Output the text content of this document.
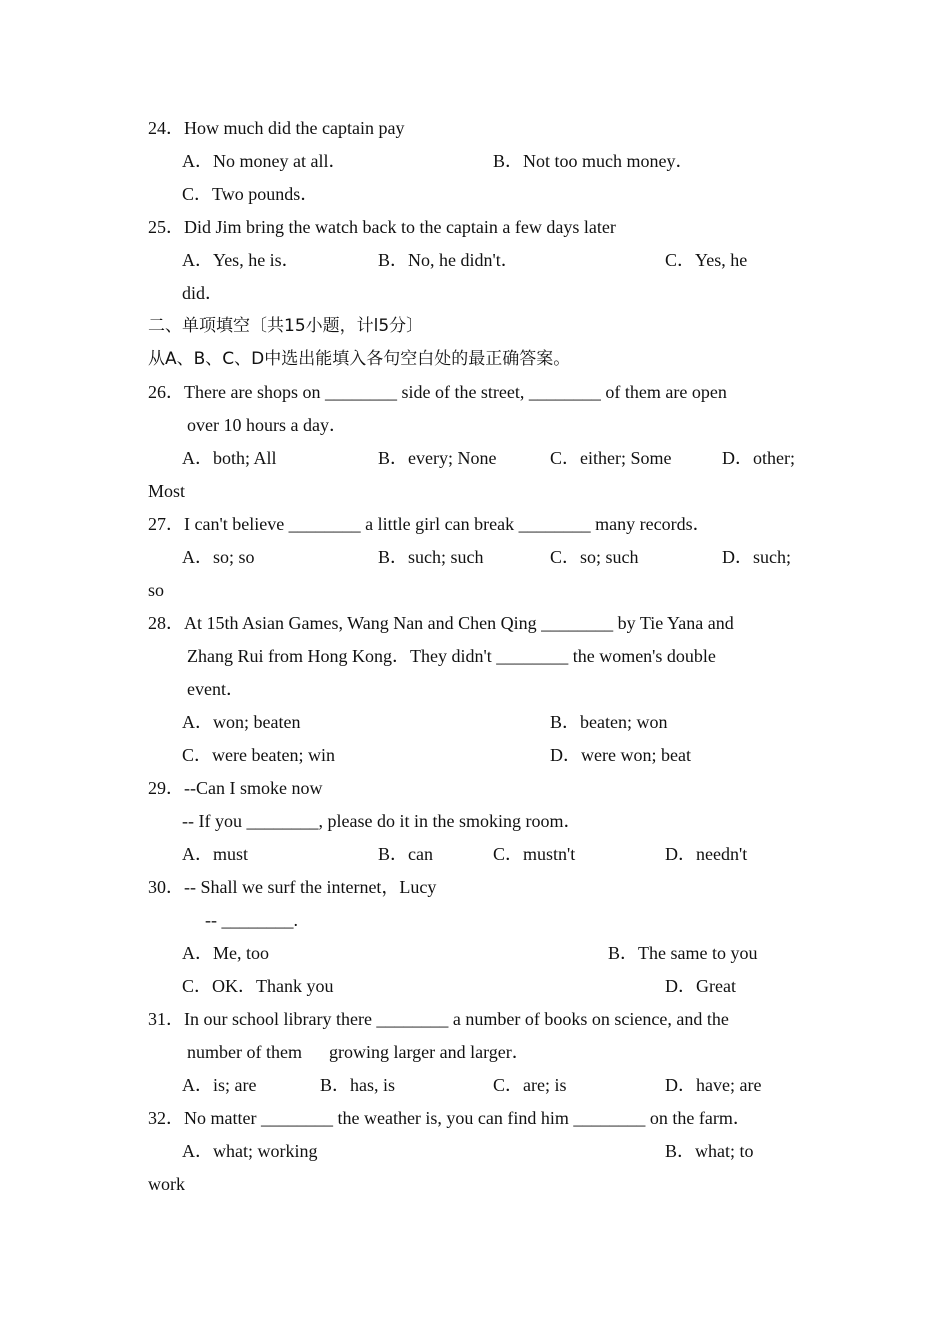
24．How much did the captain pay
A．No money at all．	B．Not too much money．
C．Two pounds．
25．Did Jim bring the watch back to the captain a few days later
A．Yes, he is．	B．No, he didn't．	C．Yes, he
did．
二、单项填空〔共15小题，计l5分〕
从A、B、C、D中选出能填入各句空白处的最正确答案。
26．There are shops on ________ side of the street, ________ of them are open
over 10 hours a day．
A．both; All	B．every; None	C．either; Some	D．other;
Most
27．I can't believe ________ a little girl can break ________ many records．
A．so; so	B．such; such	C．so; such	D．such;
so
28．At 15th Asian Games, Wang Nan and Chen Qing ________ by Tie Yana and
Zhang Rui from Hong Kong．They didn't ________ the women's double
event．
A．won; beaten	B．beaten; won
C．were beaten; win	D．were won; beat
29．--Can I smoke now
-- If you ________, please do it in the smoking room．
A．must	B．can	C．mustn't	D．needn't
30．-- Shall we surf the internet，Lucy
-- ________.
A．Me, too	B．The same to you
C．OK．Thank you	D．Great
31．In our school library there ________ a number of books on science, and the
number of them      growing larger and larger．
A．is; are	B．has, is	C．are; is	D．have; are
32．No matter ________ the weather is, you can find him ________ on the farm．
A．what; working	B．what; to
work
